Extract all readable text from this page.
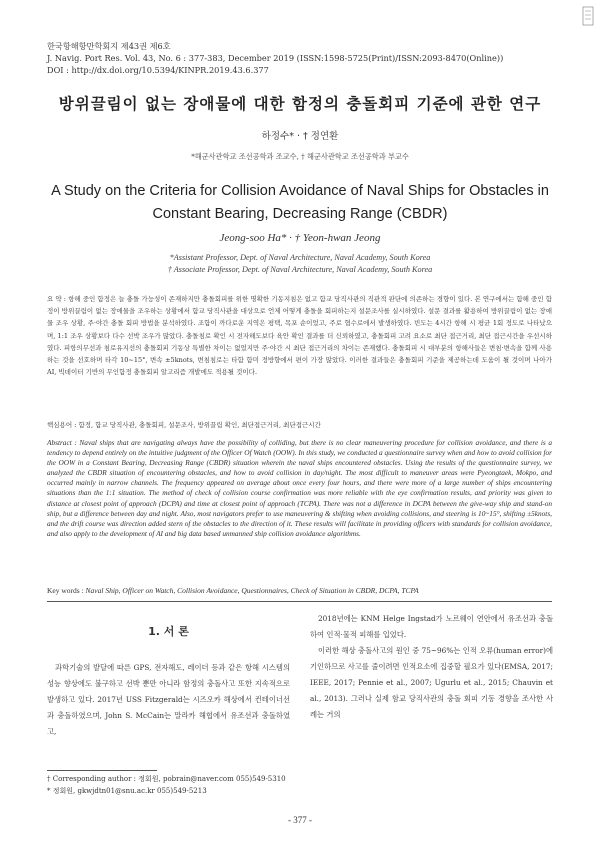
한국항해항만학회지 제43권 제6호
J. Navig. Port Res. Vol. 43, No. 6 : 377-383, December 2019 (ISSN:1598-5725(Print)/ISSN:2093-8470(Online))
DOI : http://dx.doi.org/10.5394/KINPR.2019.43.6.377
방위끌림이 없는 장애물에 대한 함정의 충돌회피 기준에 관한 연구
하정수* · † 정연환
*해군사관학교 조선공학과 조교수, † 해군사관학교 조선공학과 부교수
A Study on the Criteria for Collision Avoidance of Naval Ships for Obstacles in
Constant Bearing, Decreasing Range (CBDR)
Jeong-soo Ha* · † Yeon-hwan Jeong
*Assistant Professor, Dept. of Naval Architecture, Naval Academy, South Korea
† Associate Professor, Dept. of Naval Architecture, Naval Academy, South Korea
요 약 : 항해 중인 함정은 늘 충돌 가능성이 존재하지만 충돌회피를 위한 명확한 기동지침은 없고 함교 당직사관의 직관적 판단에 의존하는 경향이 있다. 본 연구에서는 함해 중인 함정이 방위끌림이 없는 장애물을 조우하는 상황에서 함교 당직사관을 대상으로 언제 어떻게 충돌을 회피하는지 설문조사를 실시하였다. 설문 결과를 활용하여 방위끌림이 없는 장애물 조우 상황, 주·야간 충돌 회피 방법을 분석하였다. 조함이 까다로운 지역은 평택, 목포 순이었고, 주로 협수로에서 발생하였다. 빈도는 4시간 항해 시 평균 1회 정도로 나타났으며, 1:1 조우 상황보다 다수 선박 조우가 많았다. 충돌침로 확인 시 전자해도보다 육안 확인 결과를 더 신뢰하였고, 충돌회피 고려 요소로 최단 접근거리, 최단 접근시간을 우선시하였다. 피항의무선과 침로유지선의 충돌회피 기동상 특별한 차이는 없었지만 주·야간 시 최단 접근거리의 차이는 존재했다. 충돌회피 시 대부분의 항해사들은 변침·변속을 함께 사용하는 것을 선호하며 타각 10~15°, 변속 ±5knots, 변침침로는 타함 함미 정방향에서 편이 가장 많았다. 이러한 결과들은 충돌회피 기준을 제공하는데 도움이 될 것이며 나아가 AI, 빅데이터 기반의 무인함정 충돌회피 알고리즘 개발에도 적용될 것이다.
핵심용어 : 함정, 함교 당직사관, 충돌회피, 설문조사, 방위끌림 확인, 최단접근거리, 최단접근시간
Abstract : Naval ships that are navigating always have the possibility of colliding, but there is no clear maneuvering procedure for collision avoidance, and there is a tendency to depend entirely on the intuitive judgment of the Officer Of Watch (OOW). In this study, we conducted a questionnaire survey when and how to avoid collision for the OOW in a Constant Bearing, Decreasing Range (CBDR) situation wherein the naval ships encountered obstacles. Using the results of the questionnaire survey, we analyzed the CBDR situation of encountering obstacles, and how to avoid collision in day/night. The most difficult to maneuver areas were Pyeongtaek, Mokpo, and occurred mainly in narrow channels. The frequency appeared on average about once every four hours, and there were more of a large number of ships encountering situations than the 1:1 situation. The method of check of collision course confirmation was more reliable with the eye confirmation results, and priority was given to distance at closest point of approach (DCPA) and time at closest point of approach (TCPA). There was not a difference in DCPA between the give-way ship and stand-on ship, but a difference between day and night. Also, most navigators prefer to use maneuvering & shifting when avoiding collisions, and steering is 10~15°, shifting ±5knots, and the drift course was direction added stern of the obstacles to the direction of it. These results will facilitate in providing officers with standards for collision avoidance, and also apply to the development of AI and big data based unmanned ship collision avoidance algorithms.
Key words : Naval Ship, Officer on Watch, Collision Avoidance, Questionnaires, Check of Situation in CBDR, DCPA, TCPA
1. 서 론

과학기술의 발달에 따른 GPS, 전자해도, 레이더 등과 같은 항해 시스템의 성능 향상에도 불구하고 선박 뿐만 아니라 함정의 충돌사고 또한 지속적으로 발생하고 있다. 2017년 USS Fitzgerald는 시즈오카 해상에서 컨테이너선과 충돌하였으며, John S. McCain는 말라카 해협에서 유조선과 충돌하였고,

2018년에는 KNM Helge Ingstad가 노르웨이 연안에서 유조선과 충돌하여 인적·물적 피해를 입었다.

이러한 해상 충돌사고의 원인 중 75~96%는 인적 오류(human error)에 기인하므로 사고를 줄이려면 인적요소에 집중할 필요가 있다(EMSA, 2017; IEEE, 2017; Pennie et al., 2007; Ugurlu et al., 2015; Chauvin et al., 2013). 그러나 실제 함교 당직사관의 충돌 회피 기동 경향을 조사한 사례는 거의

† Corresponding author : 정회원, pobrain@naver.com 055)549-5310
* 정회원, gkwjdtn01@snu.ac.kr 055)549-5213
- 377 -
